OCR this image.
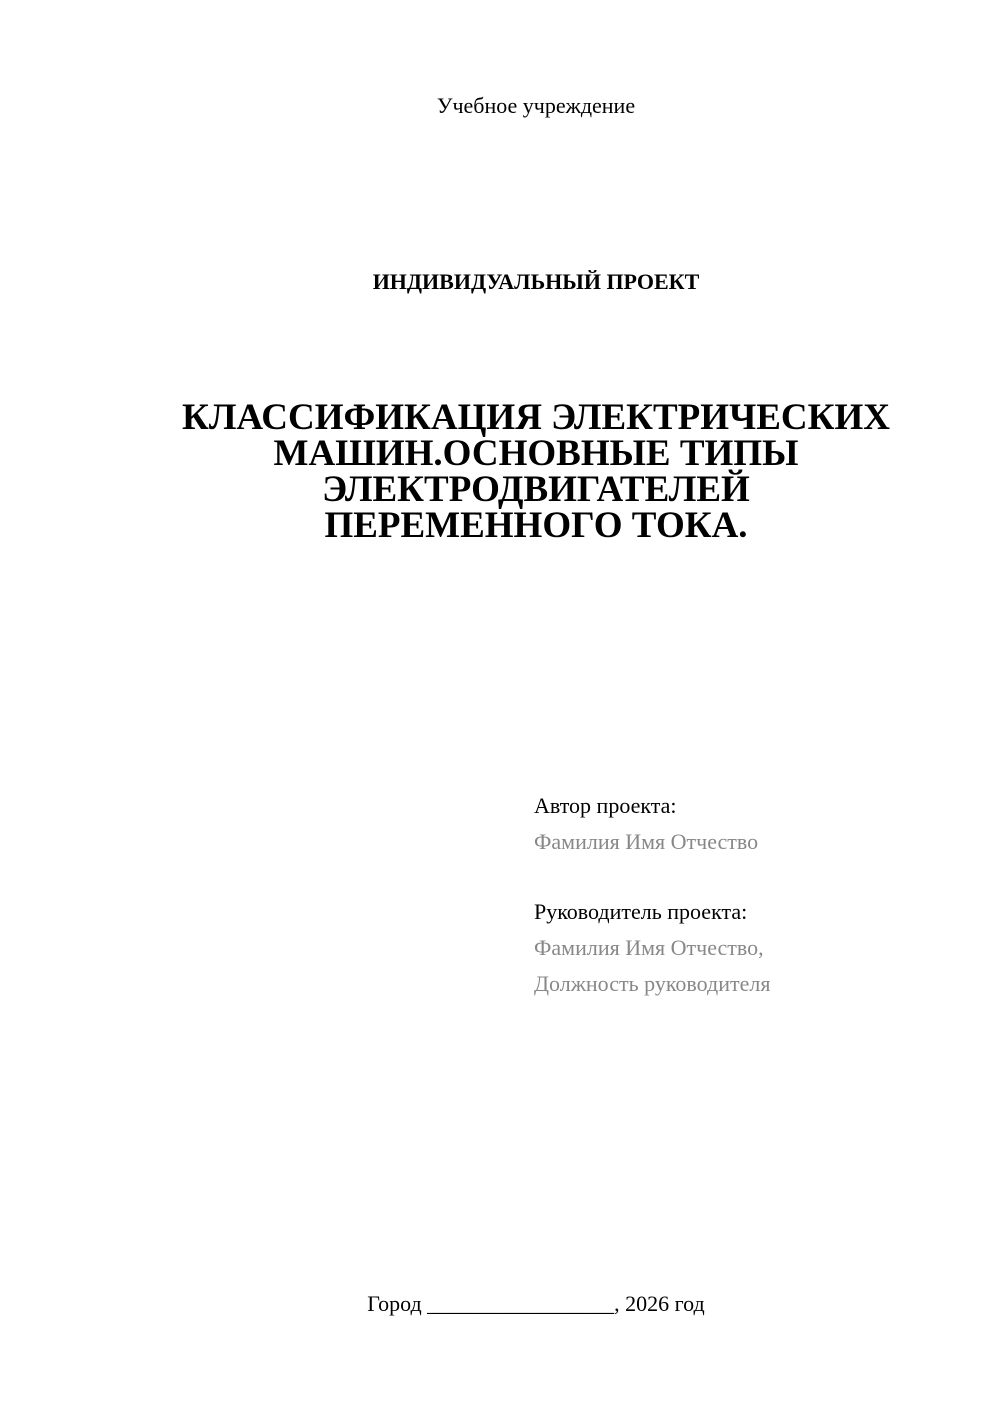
Учебное учреждение
ИНДИВИДУАЛЬНЫЙ ПРОЕКТ
КЛАССИФИКАЦИЯ ЭЛЕКТРИЧЕСКИХ
МАШИН.ОСНОВНЫЕ ТИПЫ
ЭЛЕКТРОДВИГАТЕЛЕЙ
ПЕРЕМЕННОГО ТОКА.
Автор проекта:
Фамилия Имя Отчество
Руководитель проекта:
Фамилия Имя Отчество,
Должность руководителя
Город _________________, 2026 год
